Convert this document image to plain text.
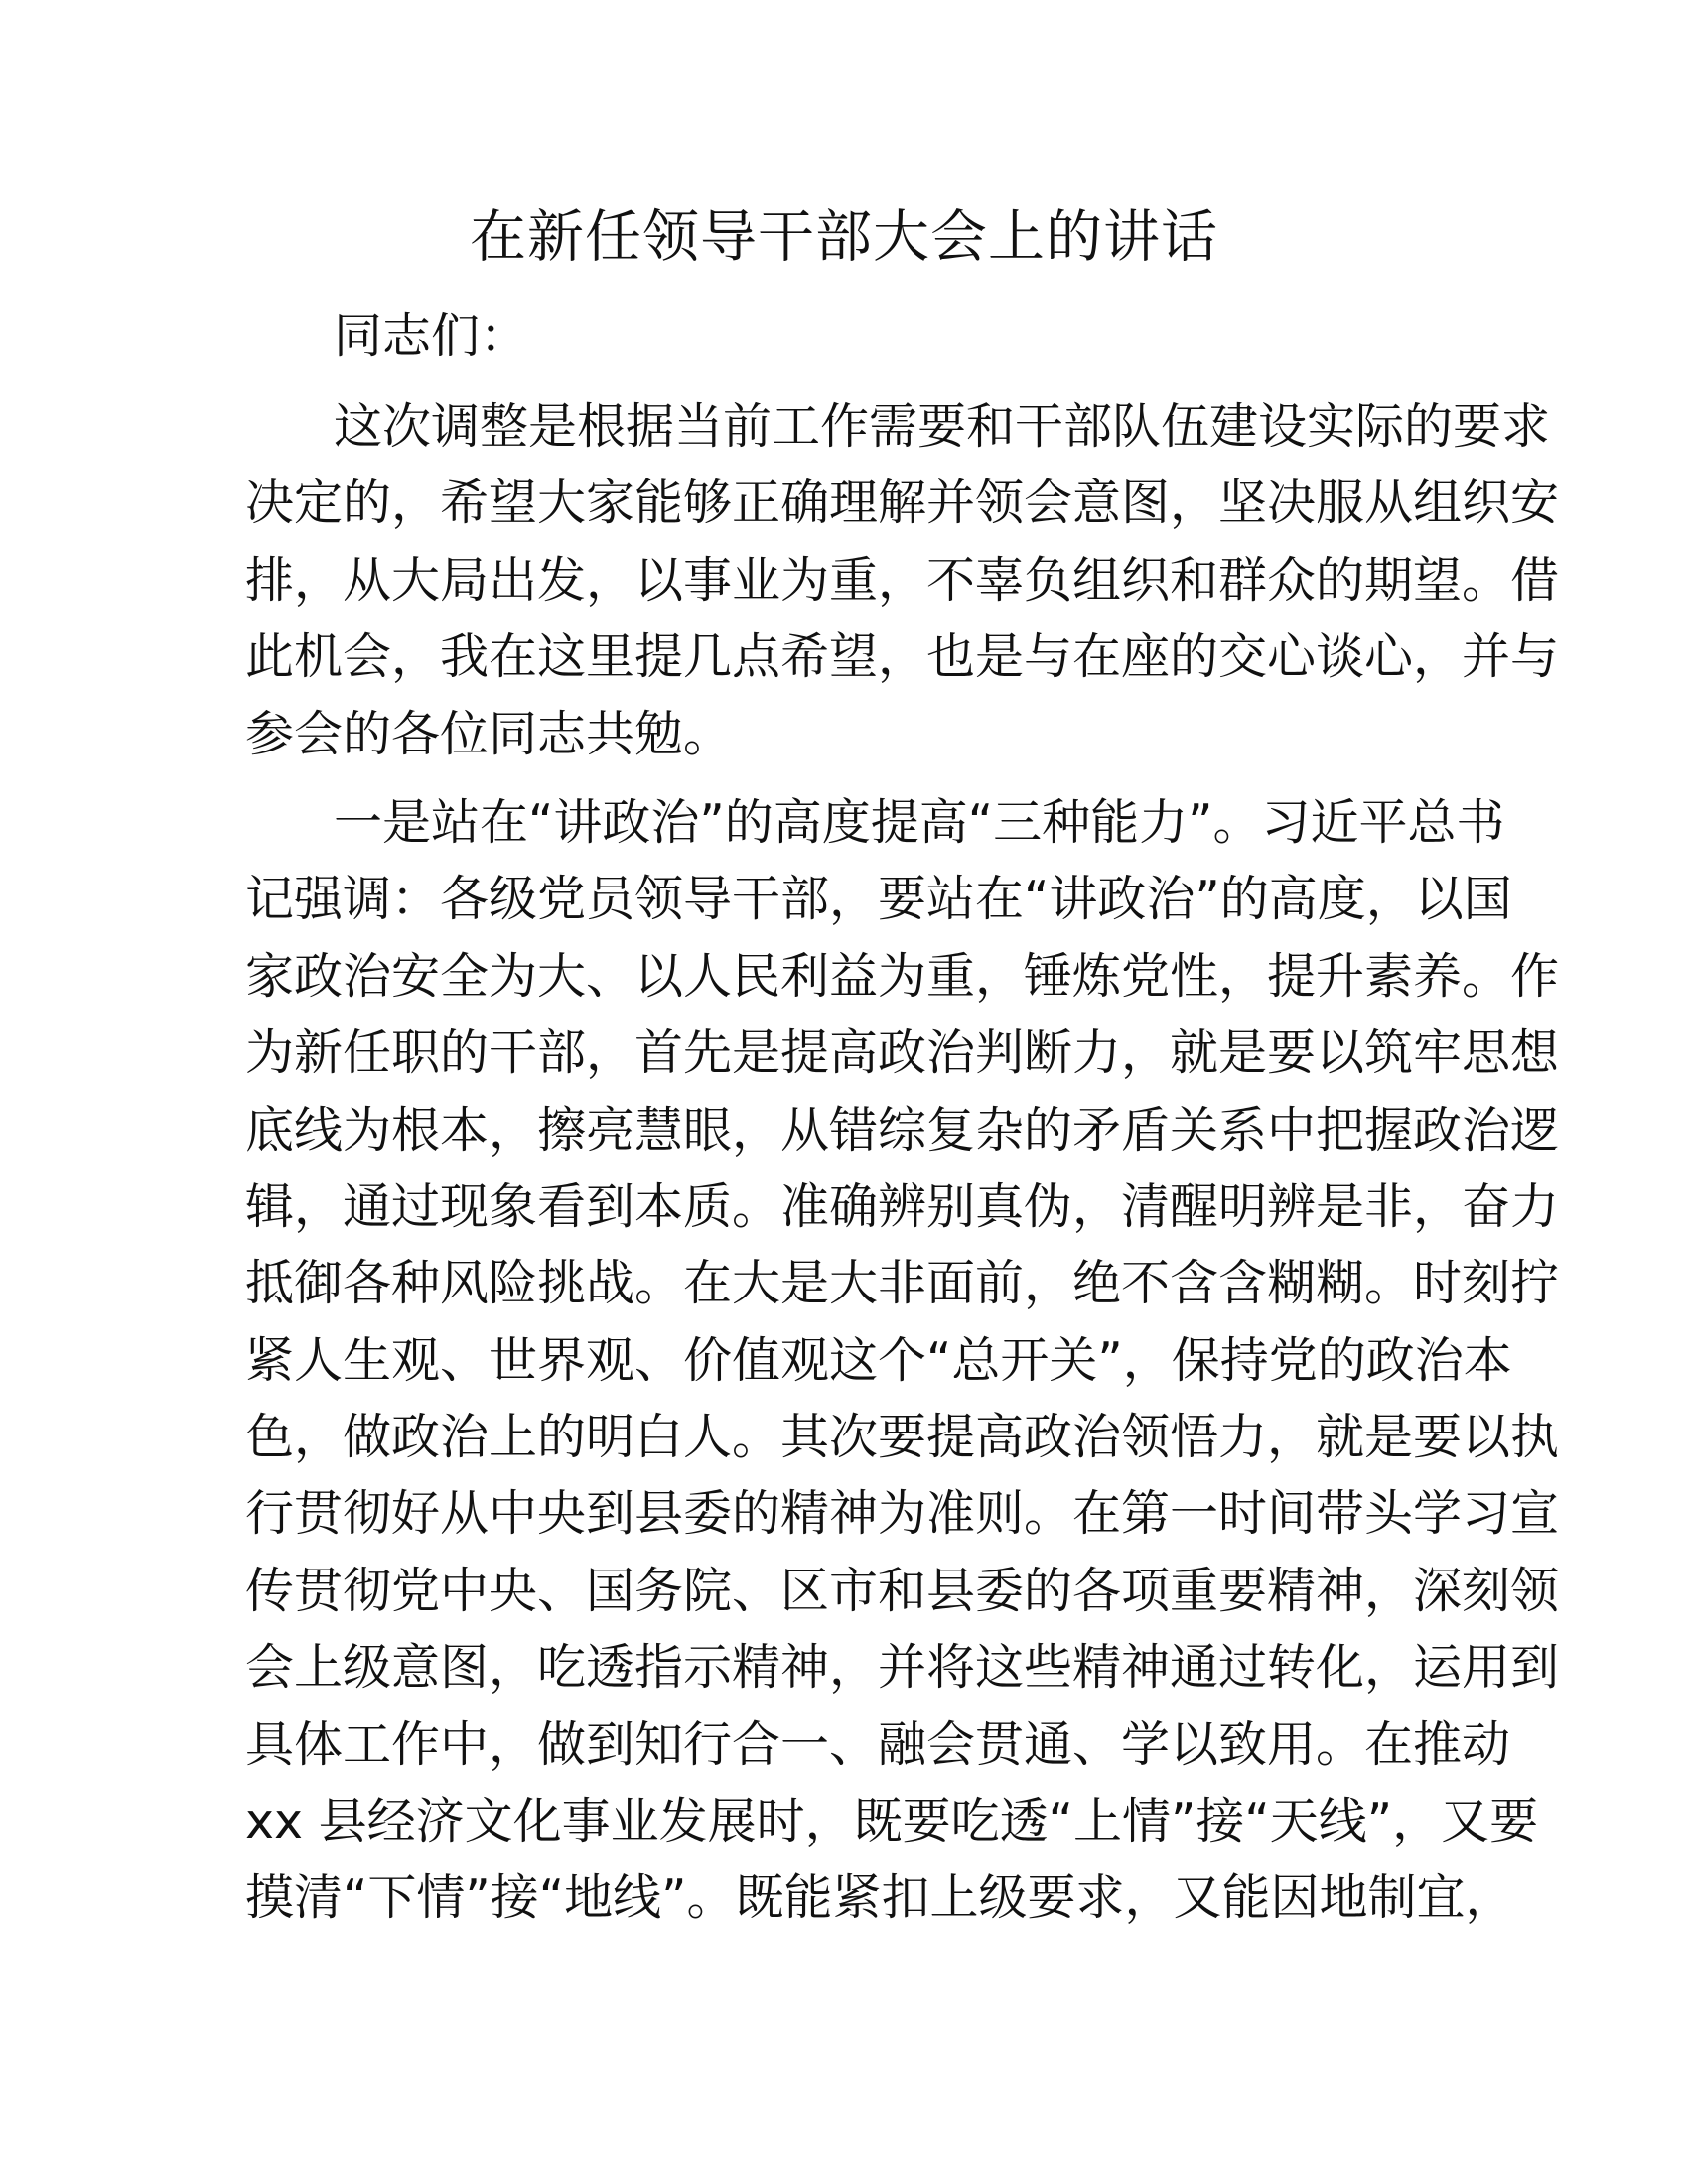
在新任领导干部大会上的讲话
同志们：
这次调整是根据当前工作需要和干部队伍建设实际的要求
决定的，希望大家能够正确理解并领会意图，坚决服从组织安
排，从大局出发，以事业为重，不辜负组织和群众的期望。借
此机会，我在这里提几点希望，也是与在座的交心谈心，并与
参会的各位同志共勉。
一是站在“讲政治”的高度提高“三种能力”。习近平总书
记强调：各级党员领导干部，要站在“讲政治”的高度，以国
家政治安全为大、以人民利益为重，锤炼党性，提升素养。作
为新任职的干部，首先是提高政治判断力，就是要以筑牢思想
底线为根本，擦亮慧眼，从错综复杂的矛盾关系中把握政治逻
辑，通过现象看到本质。准确辨别真伪，清醒明辨是非，奋力
抵御各种风险挑战。在大是大非面前，绝不含含糊糊。时刻拧
紧人生观、世界观、价值观这个“总开关”，保持党的政治本
色，做政治上的明白人。其次要提高政治领悟力，就是要以执
行贯彻好从中央到县委的精神为准则。在第一时间带头学习宣
传贯彻党中央、国务院、区市和县委的各项重要精神，深刻领
会上级意图，吃透指示精神，并将这些精神通过转化，运用到
具体工作中，做到知行合一、融会贯通、学以致用。在推动
xx 县经济文化事业发展时，既要吃透“上情”接“天线”，又要
摸清“下情”接“地线”。既能紧扣上级要求，又能因地制宜，
